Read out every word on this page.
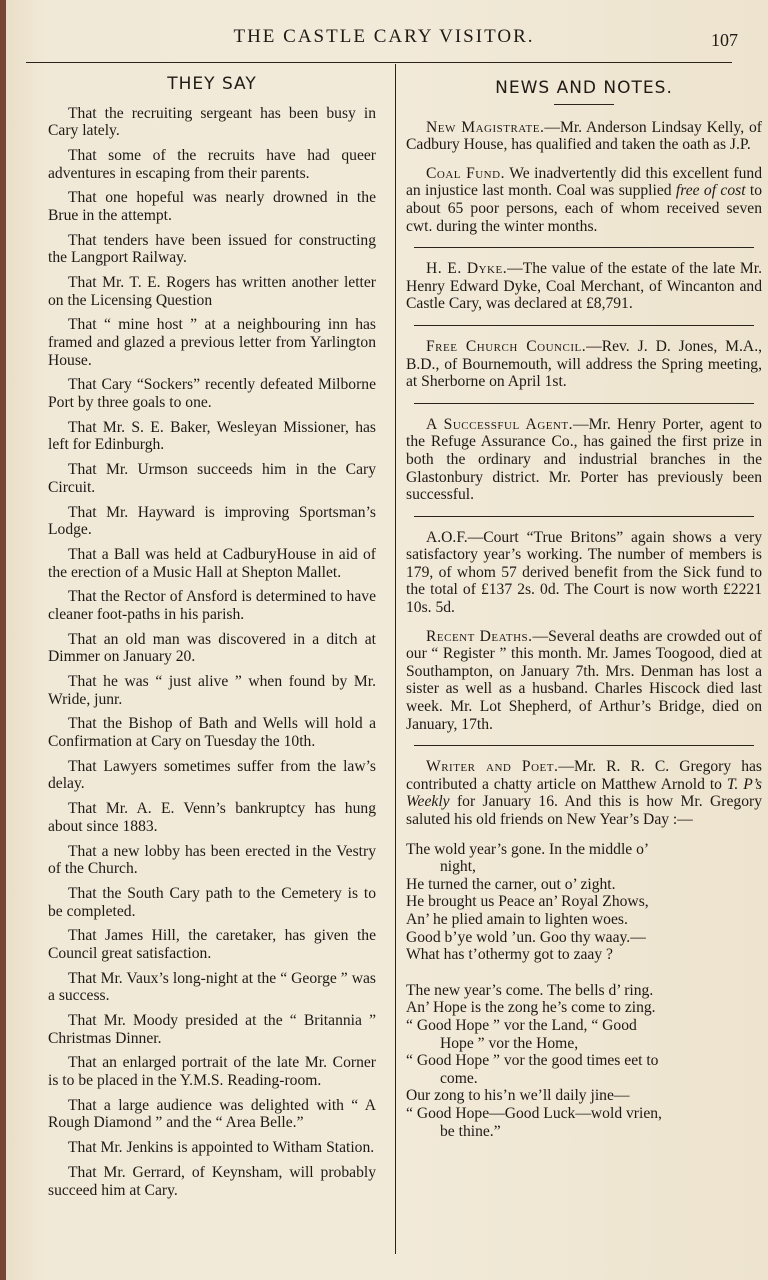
THE CASTLE CARY VISITOR.	107
THEY SAY

That the recruiting sergeant has been busy in Cary lately.

That some of the recruits have had queer adventures in escaping from their parents.

That one hopeful was nearly drowned in the Brue in the attempt.

That tenders have been issued for constructing the Langport Railway.

That Mr. T. E. Rogers has written another letter on the Licensing Question

That “ mine host ” at a neighbouring inn has framed and glazed a previous letter from Yarlington House.

That Cary “Sockers” recently defeated Milborne Port by three goals to one.

That Mr. S. E. Baker, Wesleyan Missioner, has left for Edinburgh.

That Mr. Urmson succeeds him in the Cary Circuit.

That Mr. Hayward is improving Sportsman’s Lodge.

That a Ball was held at CadburyHouse in aid of the erection of a Music Hall at Shepton Mallet.

That the Rector of Ansford is determined to have cleaner foot-paths in his parish.

That an old man was discovered in a ditch at Dimmer on January 20.

That he was “ just alive ” when found by Mr. Wride, junr.

That the Bishop of Bath and Wells will hold a Confirmation at Cary on Tuesday the 10th.

That Lawyers sometimes suffer from the law’s delay.

That Mr. A. E. Venn’s bankruptcy has hung about since 1883.

That a new lobby has been erected in the Vestry of the Church.

That the South Cary path to the Cemetery is to be completed.

That James Hill, the caretaker, has given the Council great satisfaction.

That Mr. Vaux’s long-night at the “ George ” was a success.

That Mr. Moody presided at the “ Britannia ” Christmas Dinner.

That an enlarged portrait of the late Mr. Corner is to be placed in the Y.M.S. Reading-room.

That a large audience was delighted with “ A Rough Diamond ” and the “ Area Belle.”

That Mr. Jenkins is appointed to Witham Station.

That Mr. Gerrard, of Keynsham, will probably succeed him at Cary.

NEWS AND NOTES.

New Magistrate.—Mr. Anderson Lindsay Kelly, of Cadbury House, has qualified and taken the oath as J.P.

Coal Fund. We inadvertently did this excellent fund an injustice last month. Coal was supplied free of cost to about 65 poor persons, each of whom received seven cwt. during the winter months.

H. E. Dyke.—The value of the estate of the late Mr. Henry Edward Dyke, Coal Merchant, of Wincanton and Castle Cary, was declared at £8,791.

Free Church Council.—Rev. J. D. Jones, M.A., B.D., of Bournemouth, will address the Spring meeting, at Sherborne on April 1st.

A Successful Agent.—Mr. Henry Porter, agent to the Refuge Assurance Co., has gained the first prize in both the ordinary and industrial branches in the Glastonbury district. Mr. Porter has previously been successful.

A.O.F.—Court “True Britons” again shows a very satisfactory year’s working. The number of members is 179, of whom 57 derived benefit from the Sick fund to the total of £137 2s. 0d. The Court is now worth £2221 10s. 5d.

Recent Deaths.—Several deaths are crowded out of our “ Register ” this month. Mr. James Toogood, died at Southampton, on January 7th. Mrs. Denman has lost a sister as well as a husband. Charles Hiscock died last week. Mr. Lot Shepherd, of Arthur’s Bridge, died on January, 17th.

Writer and Poet.—Mr. R. R. C. Gregory has contributed a chatty article on Matthew Arnold to T. P’s Weekly for January 16. And this is how Mr. Gregory saluted his old friends on New Year’s Day :—

The wold year’s gone. In the middle o’
night,
He turned the carner, out o’ zight.
He brought us Peace an’ Royal Zhows,
An’ he plied amain to lighten woes.
Good b’ye wold ’un. Goo thy waay.—
What has t’othermy got to zaay ?
The new year’s come. The bells d’ ring.
An’ Hope is the zong he’s come to zing.
“ Good Hope ” vor the Land, “ Good
Hope ” vor the Home,
“ Good Hope ” vor the good times eet to
come.
Our zong to his’n we’ll daily jine—
“ Good Hope—Good Luck—wold vrien,
be thine.”
